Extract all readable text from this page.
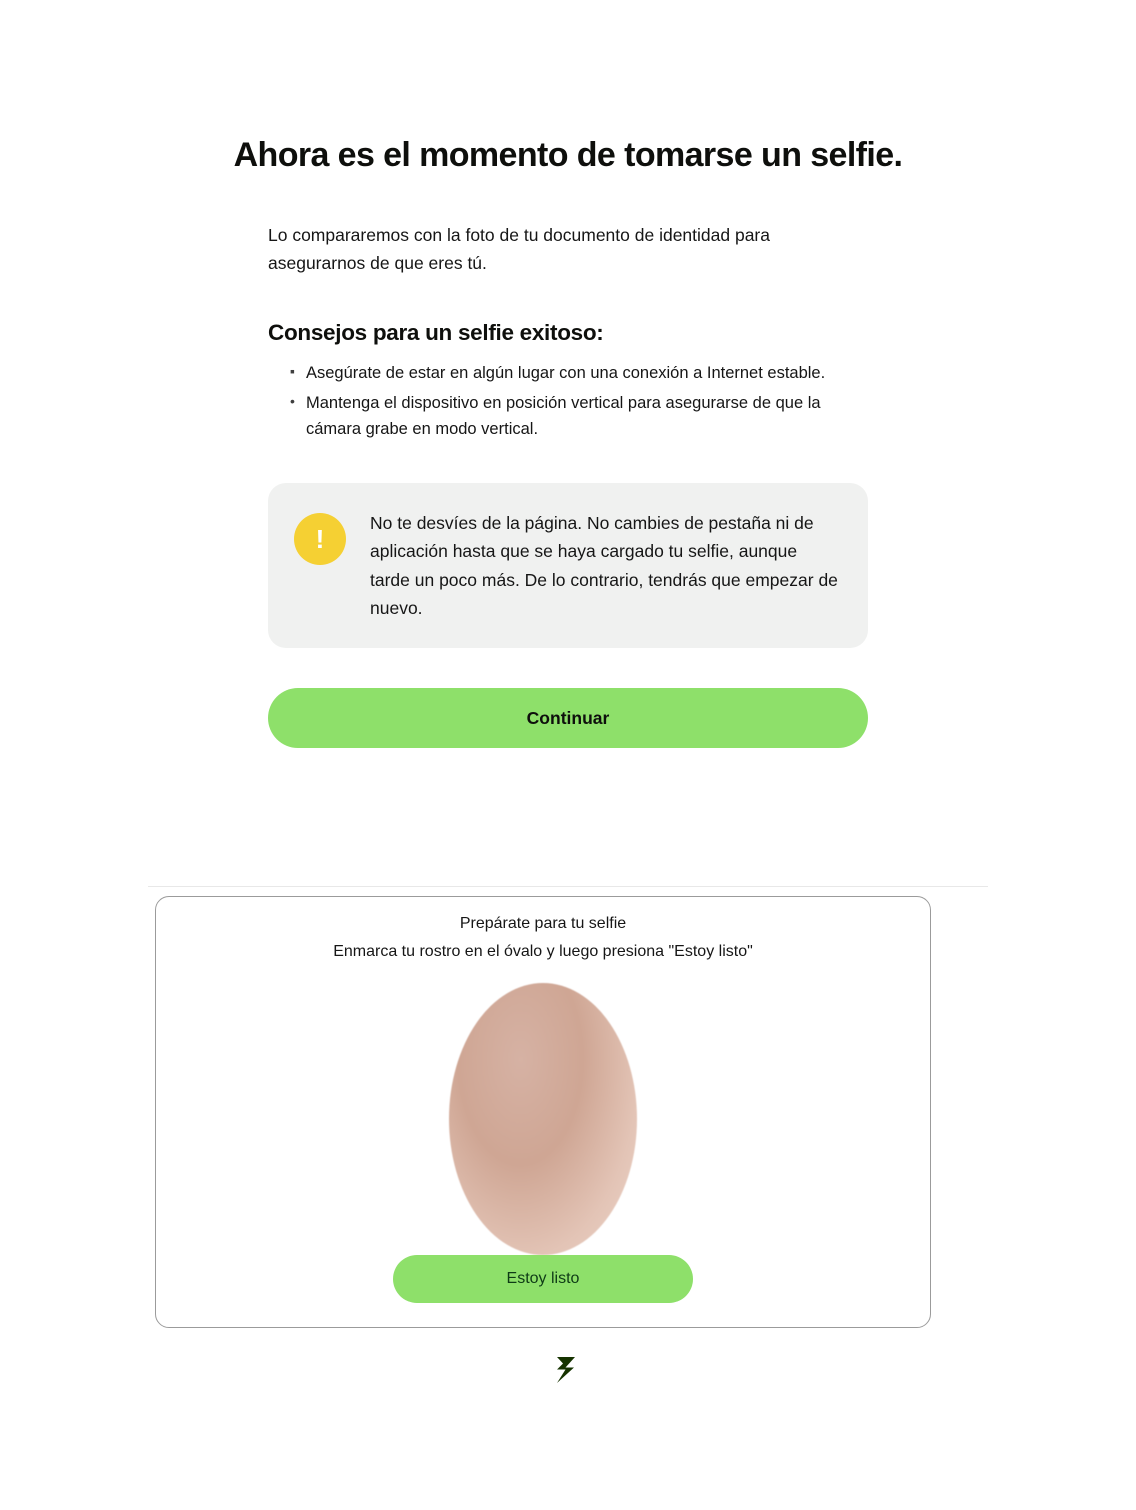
Ahora es el momento de tomarse un selfie.

Lo compararemos con la foto de tu documento de identidad para asegurarnos de que eres tú.

Consejos para un selfie exitoso:
▪ Asegúrate de estar en algún lugar con una conexión a Internet estable.
• Mantenga el dispositivo en posición vertical para asegurarse de que la cámara grabe en modo vertical.
!
No te desvíes de la página. No cambies de pestaña ni de aplicación hasta que se haya cargado tu selfie, aunque tarde un poco más. De lo contrario, tendrás que empezar de nuevo.
Continuar

Prepárate para tu selfie

Enmarca tu rostro en el óvalo y luego presiona "Estoy listo"

Estoy listo
